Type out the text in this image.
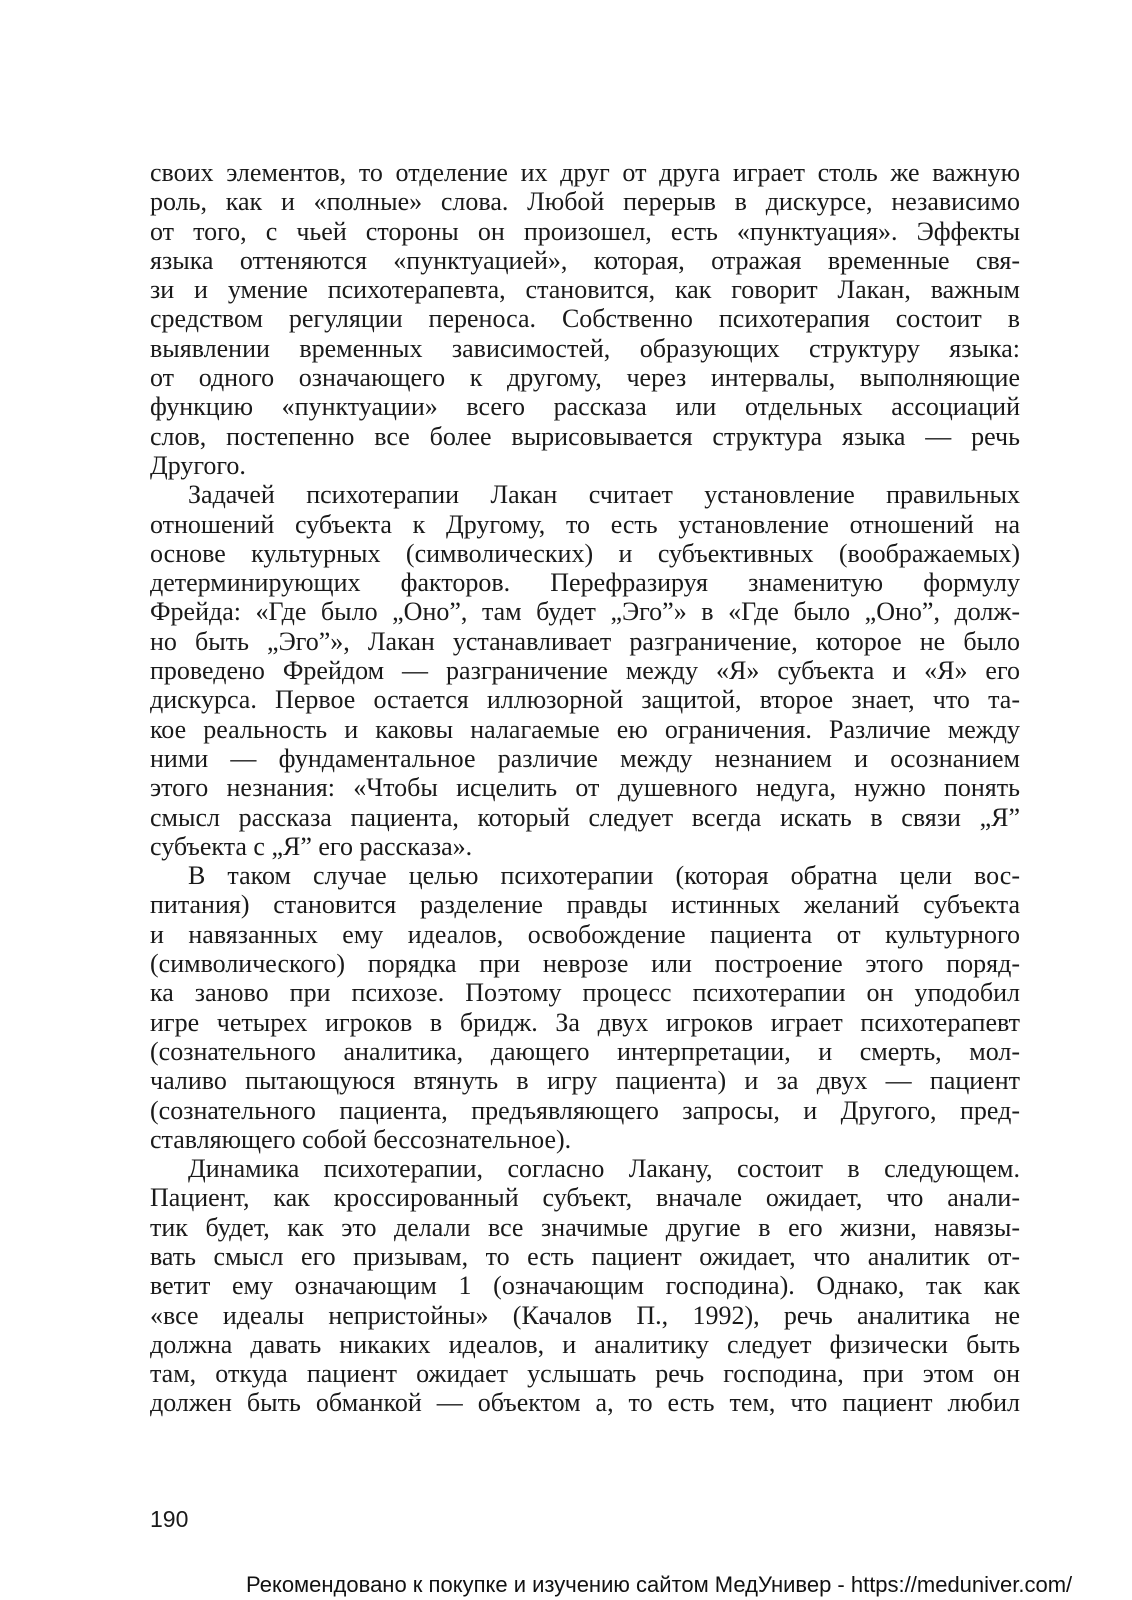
своих элементов, то отделение их друг от друга играет столь же важную
роль, как и «полные» слова. Любой перерыв в дискурсе, независимо
от того, с чьей стороны он произошел, есть «пунктуация». Эффекты
языка оттеняются «пунктуацией», которая, отражая временные свя-
зи и умение психотерапевта, становится, как говорит Лакан, важным
средством регуляции переноса. Собственно психотерапия состоит в
выявлении временных зависимостей, образующих структуру языка:
от одного означающего к другому, через интервалы, выполняющие
функцию «пунктуации» всего рассказа или отдельных ассоциаций
слов, постепенно все более вырисовывается структура языка — речь
Другого.
Задачей психотерапии Лакан считает установление правильных
отношений субъекта к Другому, то есть установление отношений на
основе культурных (символических) и субъективных (воображаемых)
детерминирующих факторов. Перефразируя знаменитую формулу
Фрейда: «Где было „Оно”, там будет „Эго”» в «Где было „Оно”, долж-
но быть „Эго”», Лакан устанавливает разграничение, которое не было
проведено Фрейдом — разграничение между «Я» субъекта и «Я» его
дискурса. Первое остается иллюзорной защитой, второе знает, что та-
кое реальность и каковы налагаемые ею ограничения. Различие между
ними — фундаментальное различие между незнанием и осознанием
этого незнания: «Чтобы исцелить от душевного недуга, нужно понять
смысл рассказа пациента, который следует всегда искать в связи „Я”
субъекта с „Я” его рассказа».
В таком случае целью психотерапии (которая обратна цели вос-
питания) становится разделение правды истинных желаний субъекта
и навязанных ему идеалов, освобождение пациента от культурного
(символического) порядка при неврозе или построение этого поряд-
ка заново при психозе. Поэтому процесс психотерапии он уподобил
игре четырех игроков в бридж. За двух игроков играет психотерапевт
(сознательного аналитика, дающего интерпретации, и смерть, мол-
чаливо пытающуюся втянуть в игру пациента) и за двух — пациент
(сознательного пациента, предъявляющего запросы, и Другого, пред-
ставляющего собой бессознательное).
Динамика психотерапии, согласно Лакану, состоит в следующем.
Пациент, как кроссированный субъект, вначале ожидает, что анали-
тик будет, как это делали все значимые другие в его жизни, навязы-
вать смысл его призывам, то есть пациент ожидает, что аналитик от-
ветит ему означающим 1 (означающим господина). Однако, так как
«все идеалы непристойны» (Качалов П., 1992), речь аналитика не
должна давать никаких идеалов, и аналитику следует физически быть
там, откуда пациент ожидает услышать речь господина, при этом он
должен быть обманкой — объектом а, то есть тем, что пациент любил
190
Рекомендовано к покупке и изучению сайтом МедУнивер - https://meduniver.com/
